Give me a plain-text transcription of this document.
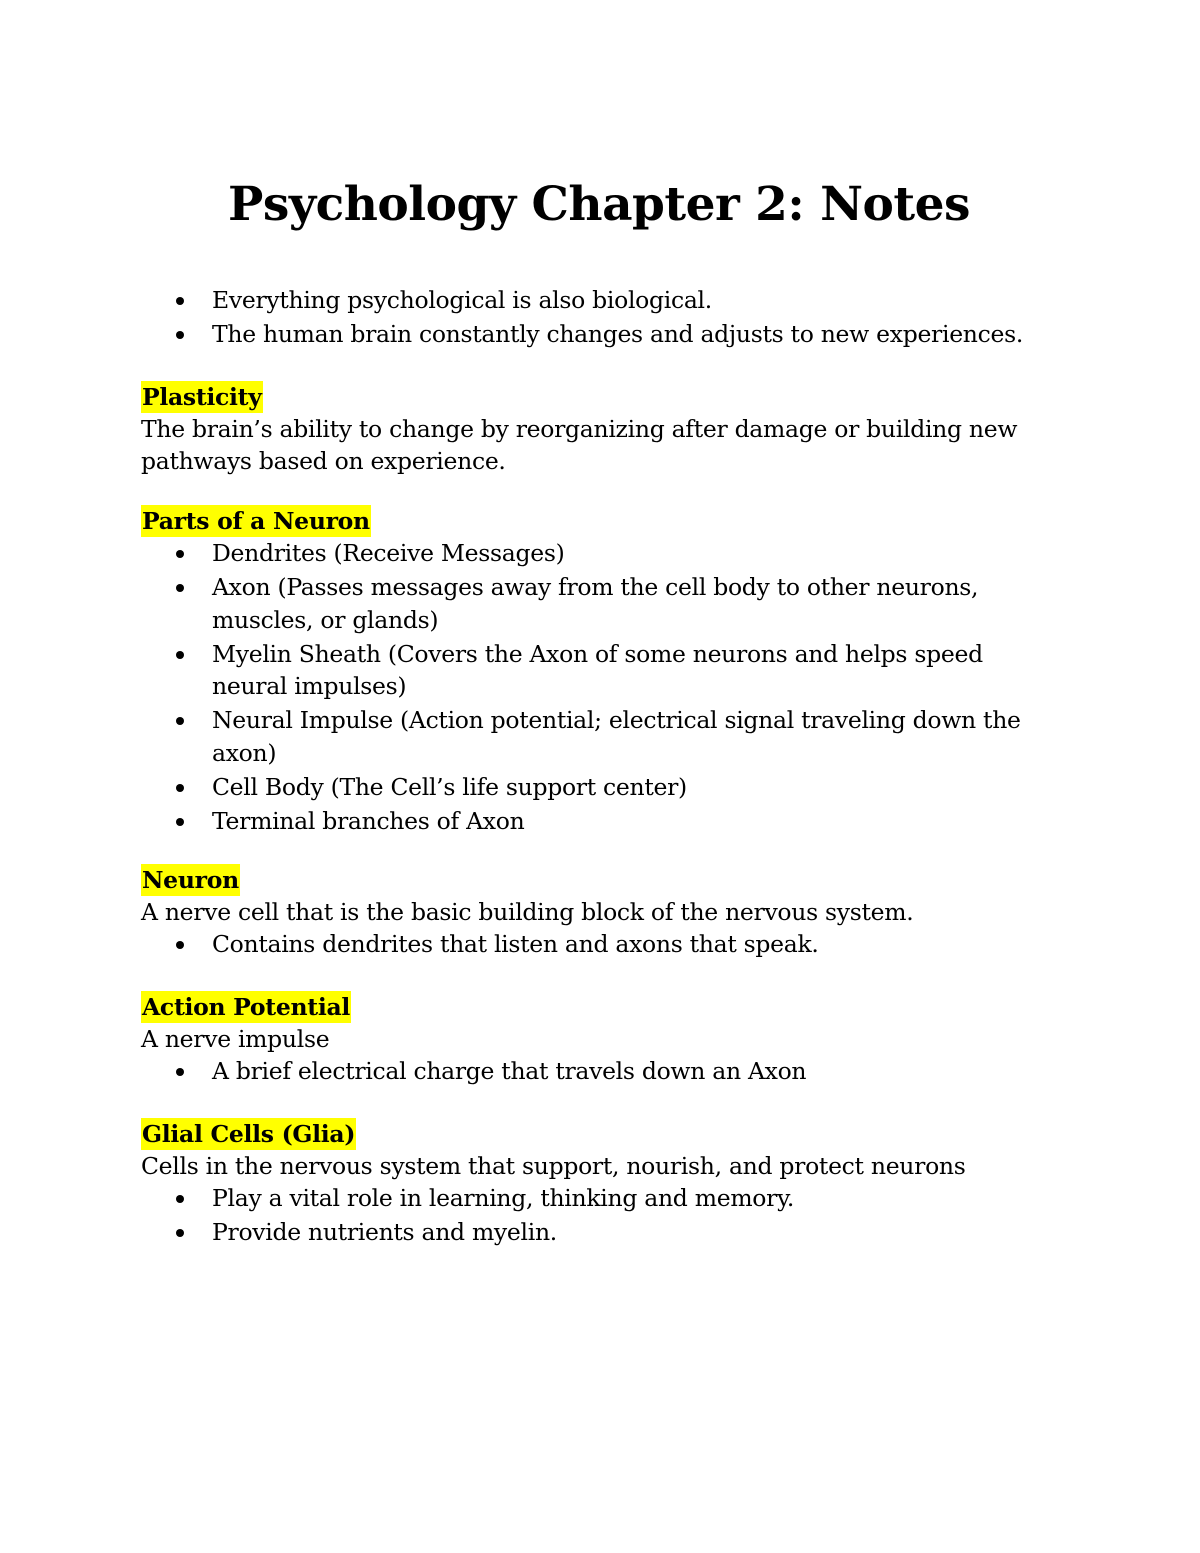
Psychology Chapter 2: Notes
Everything psychological is also biological.
The human brain constantly changes and adjusts to new experiences.
Plasticity

The brain’s ability to change by reorganizing after damage or building new pathways based on experience.

Parts of a Neuron
Dendrites (Receive Messages)
Axon (Passes messages away from the cell body to other neurons, muscles, or glands)
Myelin Sheath (Covers the Axon of some neurons and helps speed neural impulses)
Neural Impulse (Action potential; electrical signal traveling down the axon)
Cell Body (The Cell’s life support center)
Terminal branches of Axon
Neuron

A nerve cell that is the basic building block of the nervous system.

Contains dendrites that listen and axons that speak.
Action Potential

A nerve impulse

A brief electrical charge that travels down an Axon
Glial Cells (Glia)

Cells in the nervous system that support, nourish, and protect neurons

Play a vital role in learning, thinking and memory.
Provide nutrients and myelin.
